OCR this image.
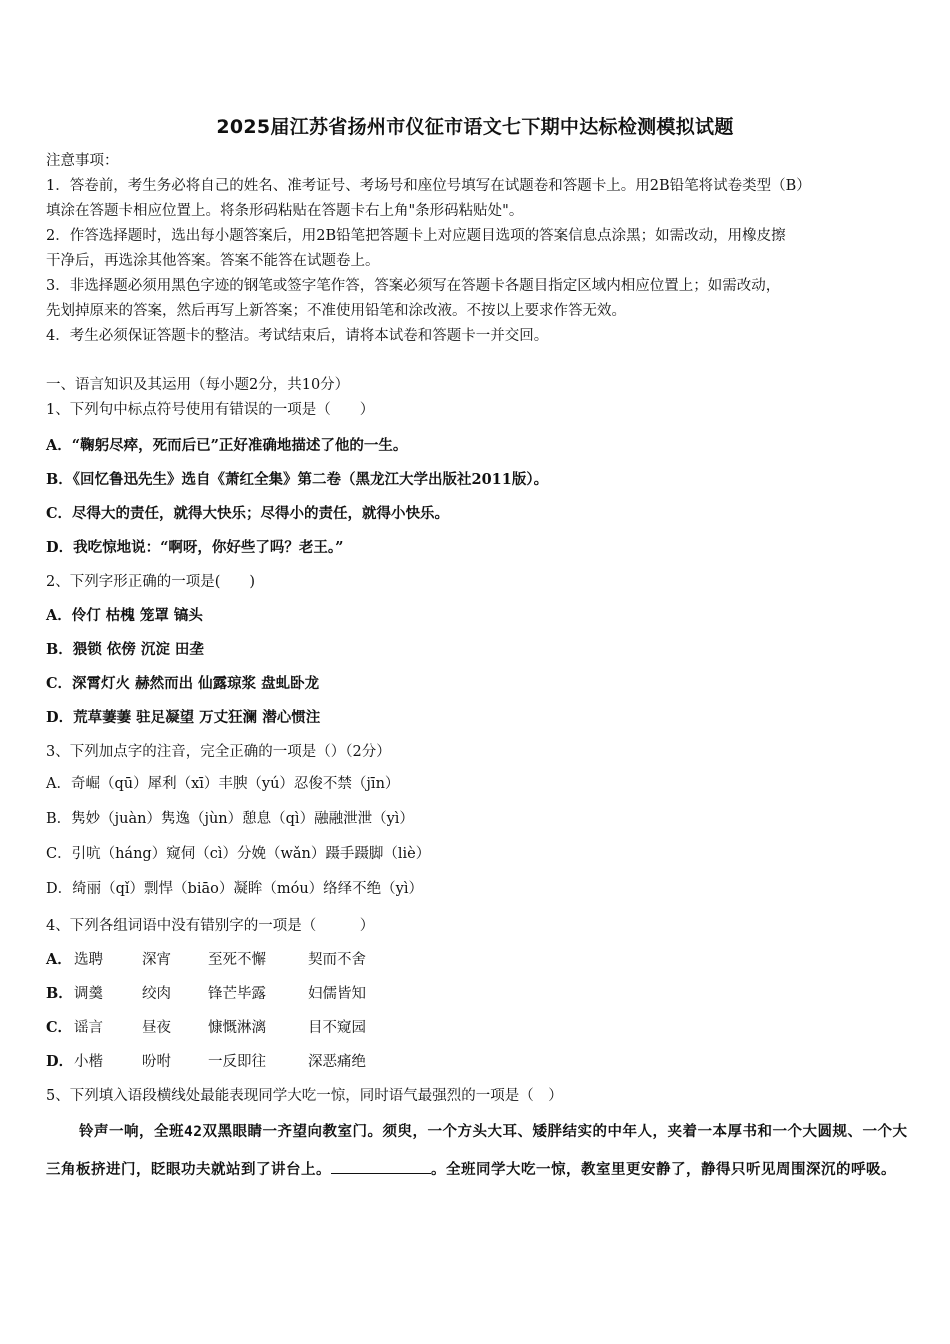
2025届江苏省扬州市仪征市语文七下期中达标检测模拟试题
注意事项：
1．答卷前，考生务必将自己的姓名、准考证号、考场号和座位号填写在试题卷和答题卡上。用2B铅笔将试卷类型（B）
填涂在答题卡相应位置上。将条形码粘贴在答题卡右上角"条形码粘贴处"。
2．作答选择题时，选出每小题答案后，用2B铅笔把答题卡上对应题目选项的答案信息点涂黑；如需改动，用橡皮擦
干净后，再选涂其他答案。答案不能答在试题卷上。
3．非选择题必须用黑色字迹的钢笔或签字笔作答，答案必须写在答题卡各题目指定区域内相应位置上；如需改动，
先划掉原来的答案，然后再写上新答案；不准使用铅笔和涂改液。不按以上要求作答无效。
4．考生必须保证答题卡的整洁。考试结束后，请将本试卷和答题卡一并交回。
一、语言知识及其运用（每小题2分，共10分）
1、下列句中标点符号使用有错误的一项是（　　）
A．“鞠躬尽瘁，死而后已”正好准确地描述了他的一生。
B．《回忆鲁迅先生》选自《萧红全集》第二卷（黑龙江大学出版社2011版）。
C．尽得大的责任，就得大快乐；尽得小的责任，就得小快乐。
D．我吃惊地说：“啊呀，你好些了吗？老王。”
2、下列字形正确的一项是(　　)
A．伶仃 枯槐 笼罩 镐头
B．猥锁 依傍 沉淀 田垄
C．深霄灯火 赫然而出 仙露琼浆 盘虬卧龙
D．荒草萋萋 驻足凝望 万丈狂澜 潜心惯注
3、下列加点字的注音，完全正确的一项是（）（2分）
A．奇崛（qū）犀利（xī）丰腴（yú）忍俊不禁（jīn）
B．隽妙（juàn）隽逸（jùn）憩息（qì）融融泄泄（yì）
C．引吭（háng）窥伺（cì）分娩（wǎn）蹑手蹑脚（liè）
D．绮丽（qǐ）剽悍（biāo）凝眸（móu）络绎不绝（yì）
4、下列各组词语中没有错别字的一项是（　　　）
A． 选聘	深宵	至死不懈	契而不舍
B． 调羹	绞肉	锋芒毕露	妇儒皆知
C． 谣言	昼夜	慷慨淋漓	目不窥园
D． 小楷	吩咐	一反即往	深恶痛绝
5、下列填入语段横线处最能表现同学大吃一惊，同时语气最强烈的一项是（　）
铃声一响，全班42双黑眼睛一齐望向教室门。须臾，一个方头大耳、矮胖结实的中年人，夹着一本厚书和一个大圆规、一个大三角板挤进门，眨眼功夫就站到了讲台上。	。全班同学大吃一惊，教室里更安静了，静得只听见周围深沉的呼吸。
